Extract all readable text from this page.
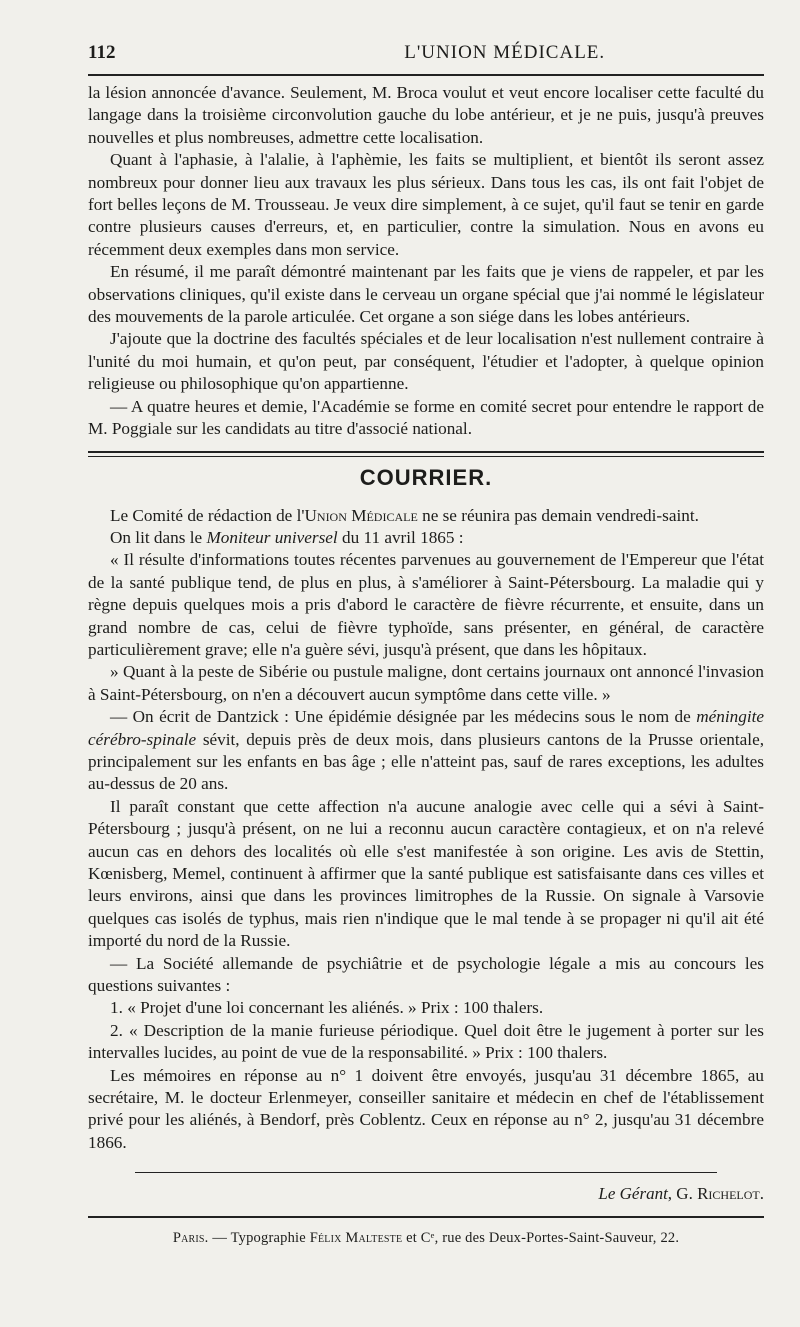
112	L'UNION MÉDICALE.

la lésion annoncée d'avance. Seulement, M. Broca voulut et veut encore localiser cette faculté du langage dans la troisième circonvolution gauche du lobe antérieur, et je ne puis, jusqu'à preuves nouvelles et plus nombreuses, admettre cette localisation.

Quant à l'aphasie, à l'alalie, à l'aphèmie, les faits se multiplient, et bientôt ils seront assez nombreux pour donner lieu aux travaux les plus sérieux. Dans tous les cas, ils ont fait l'objet de fort belles leçons de M. Trousseau. Je veux dire simplement, à ce sujet, qu'il faut se tenir en garde contre plusieurs causes d'erreurs, et, en particulier, contre la simulation. Nous en avons eu récemment deux exemples dans mon service.

En résumé, il me paraît démontré maintenant par les faits que je viens de rappeler, et par les observations cliniques, qu'il existe dans le cerveau un organe spécial que j'ai nommé le législateur des mouvements de la parole articulée. Cet organe a son siége dans les lobes antérieurs.

J'ajoute que la doctrine des facultés spéciales et de leur localisation n'est nullement contraire à l'unité du moi humain, et qu'on peut, par conséquent, l'étudier et l'adopter, à quelque opinion religieuse ou philosophique qu'on appartienne.

— A quatre heures et demie, l'Académie se forme en comité secret pour entendre le rapport de M. Poggiale sur les candidats au titre d'associé national.

COURRIER.

Le Comité de rédaction de l'Union Médicale ne se réunira pas demain vendredi-saint.

On lit dans le Moniteur universel du 11 avril 1865 :

« Il résulte d'informations toutes récentes parvenues au gouvernement de l'Empereur que l'état de la santé publique tend, de plus en plus, à s'améliorer à Saint-Pétersbourg. La maladie qui y règne depuis quelques mois a pris d'abord le caractère de fièvre récurrente, et ensuite, dans un grand nombre de cas, celui de fièvre typhoïde, sans présenter, en général, de caractère particulièrement grave; elle n'a guère sévi, jusqu'à présent, que dans les hôpitaux.

» Quant à la peste de Sibérie ou pustule maligne, dont certains journaux ont annoncé l'invasion à Saint-Pétersbourg, on n'en a découvert aucun symptôme dans cette ville. »

— On écrit de Dantzick : Une épidémie désignée par les médecins sous le nom de méningite cérébro-spinale sévit, depuis près de deux mois, dans plusieurs cantons de la Prusse orientale, principalement sur les enfants en bas âge ; elle n'atteint pas, sauf de rares exceptions, les adultes au-dessus de 20 ans.

Il paraît constant que cette affection n'a aucune analogie avec celle qui a sévi à Saint-Pétersbourg ; jusqu'à présent, on ne lui a reconnu aucun caractère contagieux, et on n'a relevé aucun cas en dehors des localités où elle s'est manifestée à son origine. Les avis de Stettin, Kœnisberg, Memel, continuent à affirmer que la santé publique est satisfaisante dans ces villes et leurs environs, ainsi que dans les provinces limitrophes de la Russie. On signale à Varsovie quelques cas isolés de typhus, mais rien n'indique que le mal tende à se propager ni qu'il ait été importé du nord de la Russie.

— La Société allemande de psychiâtrie et de psychologie légale a mis au concours les questions suivantes :

1. « Projet d'une loi concernant les aliénés. » Prix : 100 thalers.

2. « Description de la manie furieuse périodique. Quel doit être le jugement à porter sur les intervalles lucides, au point de vue de la responsabilité. » Prix : 100 thalers.

Les mémoires en réponse au n° 1 doivent être envoyés, jusqu'au 31 décembre 1865, au secrétaire, M. le docteur Erlenmeyer, conseiller sanitaire et médecin en chef de l'établissement privé pour les aliénés, à Bendorf, près Coblentz. Ceux en réponse au n° 2, jusqu'au 31 décembre 1866.

Le Gérant, G. Richelot.
Paris. — Typographie Félix Malteste et Cᵉ, rue des Deux-Portes-Saint-Sauveur, 22.
